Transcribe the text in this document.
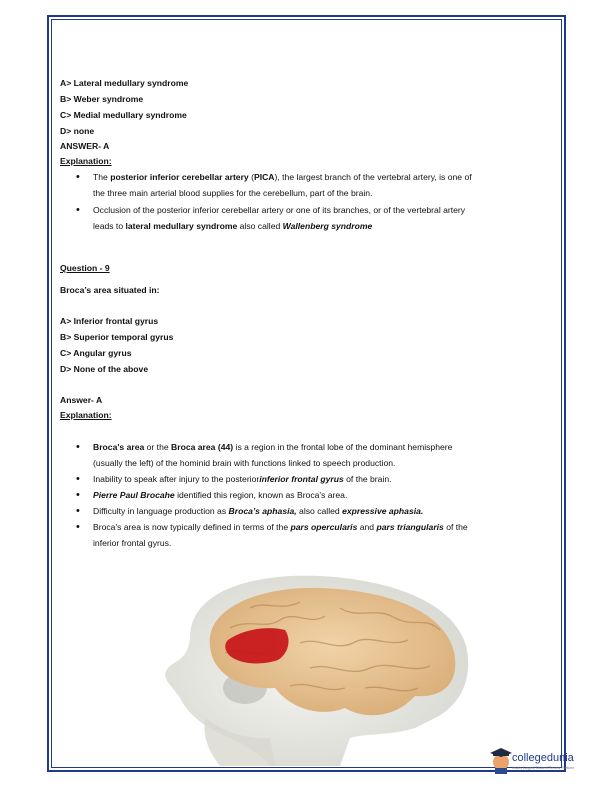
A> Lateral medullary syndrome
B> Weber syndrome
C> Medial medullary syndrome
D> none
ANSWER- A
Explanation:
• The posterior inferior cerebellar artery (PICA), the largest branch of the vertebral artery, is one of
the three main arterial blood supplies for the cerebellum, part of the brain.
• Occlusion of the posterior inferior cerebellar artery or one of its branches, or of the vertebral artery
leads to lateral medullary syndrome also called Wallenberg syndrome
Question - 9
Broca’s area situated in:
A> Inferior frontal gyrus
B> Superior temporal gyrus
C> Angular gyrus
D> None of the above
Answer- A
Explanation:
• Broca's area or the Broca area (44) is a region in the frontal lobe of the dominant hemisphere
(usually the left) of the hominid brain with functions linked to speech production.
• Inability to speak after injury to the posteriorinferior frontal gyrus of the brain.
• Pierre Paul Brocahe identified this region, known as Broca's area.
• Difficulty in language production as Broca’s aphasia, also called expressive aphasia.
• Broca's area is now typically defined in terms of the pars opercularis and pars triangularis of the
inferior frontal gyrus.
collegedunia
India's Largest Student Review Platform
